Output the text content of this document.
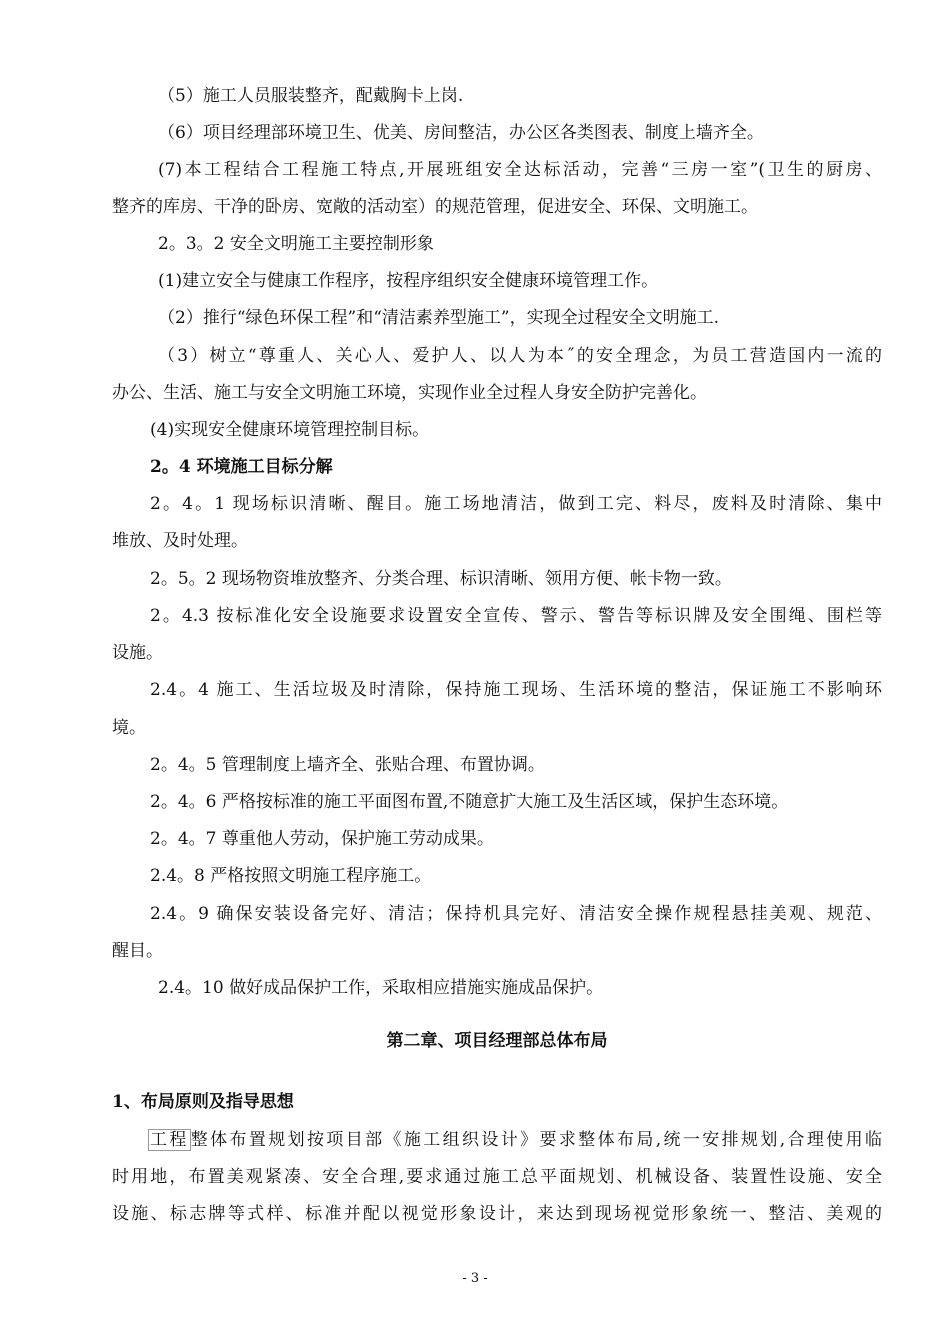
（5）施工人员服装整齐，配戴胸卡上岗.
（6）项目经理部环境卫生、优美、房间整洁，办公区各类图表、制度上墙齐全。
(7)本工程结合工程施工特点,开展班组安全达标活动，完善“三房一室”(卫生的厨房、
整齐的库房、干净的卧房、宽敞的活动室）的规范管理，促进安全、环保、文明施工。
2。3。2 安全文明施工主要控制形象
(1)建立安全与健康工作程序，按程序组织安全健康环境管理工作。
（2）推行“绿色环保工程”和“清洁素养型施工”，实现全过程安全文明施工.
（3）树立“尊重人、关心人、爱护人、以人为本˝的安全理念，为员工营造国内一流的
办公、生活、施工与安全文明施工环境，实现作业全过程人身安全防护完善化。
(4)实现安全健康环境管理控制目标。
2。4 环境施工目标分解
2。4。1 现场标识清晰、醒目。施工场地清洁，做到工完、料尽，废料及时清除、集中
堆放、及时处理。
2。5。2 现场物资堆放整齐、分类合理、标识清晰、领用方便、帐卡物一致。
2。4.3 按标准化安全设施要求设置安全宣传、警示、警告等标识牌及安全围绳、围栏等
设施。
2.4。4 施工、生活垃圾及时清除，保持施工现场、生活环境的整洁，保证施工不影响环
境。
2。4。5 管理制度上墙齐全、张贴合理、布置协调。
2。4。6 严格按标准的施工平面图布置,不随意扩大施工及生活区域，保护生态环境。
2。4。7 尊重他人劳动，保护施工劳动成果。
2.4。8 严格按照文明施工程序施工。
2.4。9 确保安装设备完好、清洁；保持机具完好、清洁安全操作规程悬挂美观、规范、
醒目。
2.4。10 做好成品保护工作，采取相应措施实施成品保护。
第二章、项目经理部总体布局
1、布局原则及指导思想
工程 整体布置规划按项目部《施工组织设计》要求整体布局,统一安排规划,合理使用临
时用地，布置美观紧凑、安全合理,要求通过施工总平面规划、机械设备、装置性设施、安全
设施、标志牌等式样、标准并配以视觉形象设计，来达到现场视觉形象统一、整洁、美观的
- 3 -
